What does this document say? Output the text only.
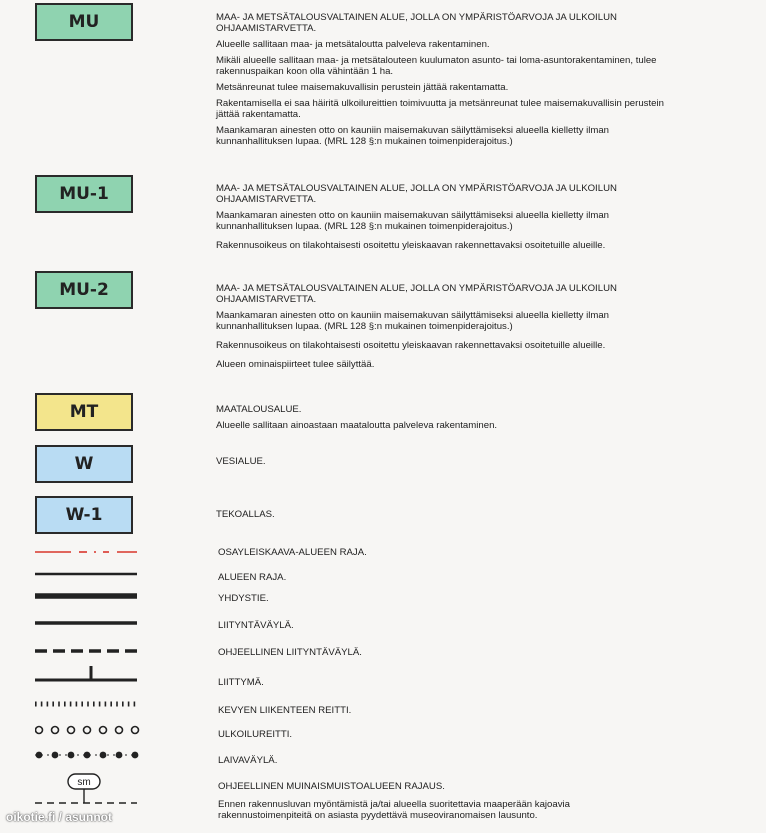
MU
MU-1
MU-2
MT
W
W-1

MAA- JA METSÄTALOUSVALTAINEN ALUE, JOLLA ON YMPÄRISTÖARVOJA JA ULKOILUN OHJAAMISTARVETTA.

Alueelle sallitaan maa- ja metsätaloutta palveleva rakentaminen.

Mikäli alueelle sallitaan maa- ja metsätalouteen kuulumaton asunto- tai loma-asuntorakentaminen, tulee rakennuspaikan koon olla vähintään 1 ha.

Metsänreunat tulee maisemakuvallisin perustein jättää rakentamatta.

Rakentamisella ei saa häiritä ulkoilureittien toimivuutta ja metsänreunat tulee maisemakuvallisin perustein jättää rakentamatta.

Maankamaran ainesten otto on kauniin maisemakuvan säilyttämiseksi alueella kielletty ilman kunnanhallituksen lupaa. (MRL 128 §:n mukainen toimenpiderajoitus.)

MAA- JA METSÄTALOUSVALTAINEN ALUE, JOLLA ON YMPÄRISTÖARVOJA JA ULKOILUN OHJAAMISTARVETTA.

Maankamaran ainesten otto on kauniin maisemakuvan säilyttämiseksi alueella kielletty ilman kunnanhallituksen lupaa. (MRL 128 §:n mukainen toimenpiderajoitus.)

Rakennusoikeus on tilakohtaisesti osoitettu yleiskaavan rakennettavaksi osoitetuille alueille.

MAA- JA METSÄTALOUSVALTAINEN ALUE, JOLLA ON YMPÄRISTÖARVOJA JA ULKOILUN OHJAAMISTARVETTA.

Maankamaran ainesten otto on kauniin maisemakuvan säilyttämiseksi alueella kielletty ilman kunnanhallituksen lupaa. (MRL 128 §:n mukainen toimenpiderajoitus.)

Rakennusoikeus on tilakohtaisesti osoitettu yleiskaavan rakennettavaksi osoitetuille alueille.

Alueen ominaispiirteet tulee säilyttää.

MAATALOUSALUE.

Alueelle sallitaan ainoastaan maataloutta palveleva rakentaminen.

VESIALUE.

TEKOALLAS.

sm
OSAYLEISKAAVA-ALUEEN RAJA.
ALUEEN RAJA.
YHDYSTIE.
LIITYNTÄVÄYLÄ.
OHJEELLINEN LIITYNTÄVÄYLÄ.
LIITTYMÄ.
KEVYEN LIIKENTEEN REITTI.
ULKOILUREITTI.
LAIVAVÄYLÄ.
OHJEELLINEN MUINAISMUISTOALUEEN RAJAUS.
Ennen rakennusluvan myöntämistä ja/tai alueella suoritettavia maaperään kajoavia rakennustoimenpiteitä on asiasta pyydettävä museoviranomaisen lausunto.
oikotie.fi / asunnot
